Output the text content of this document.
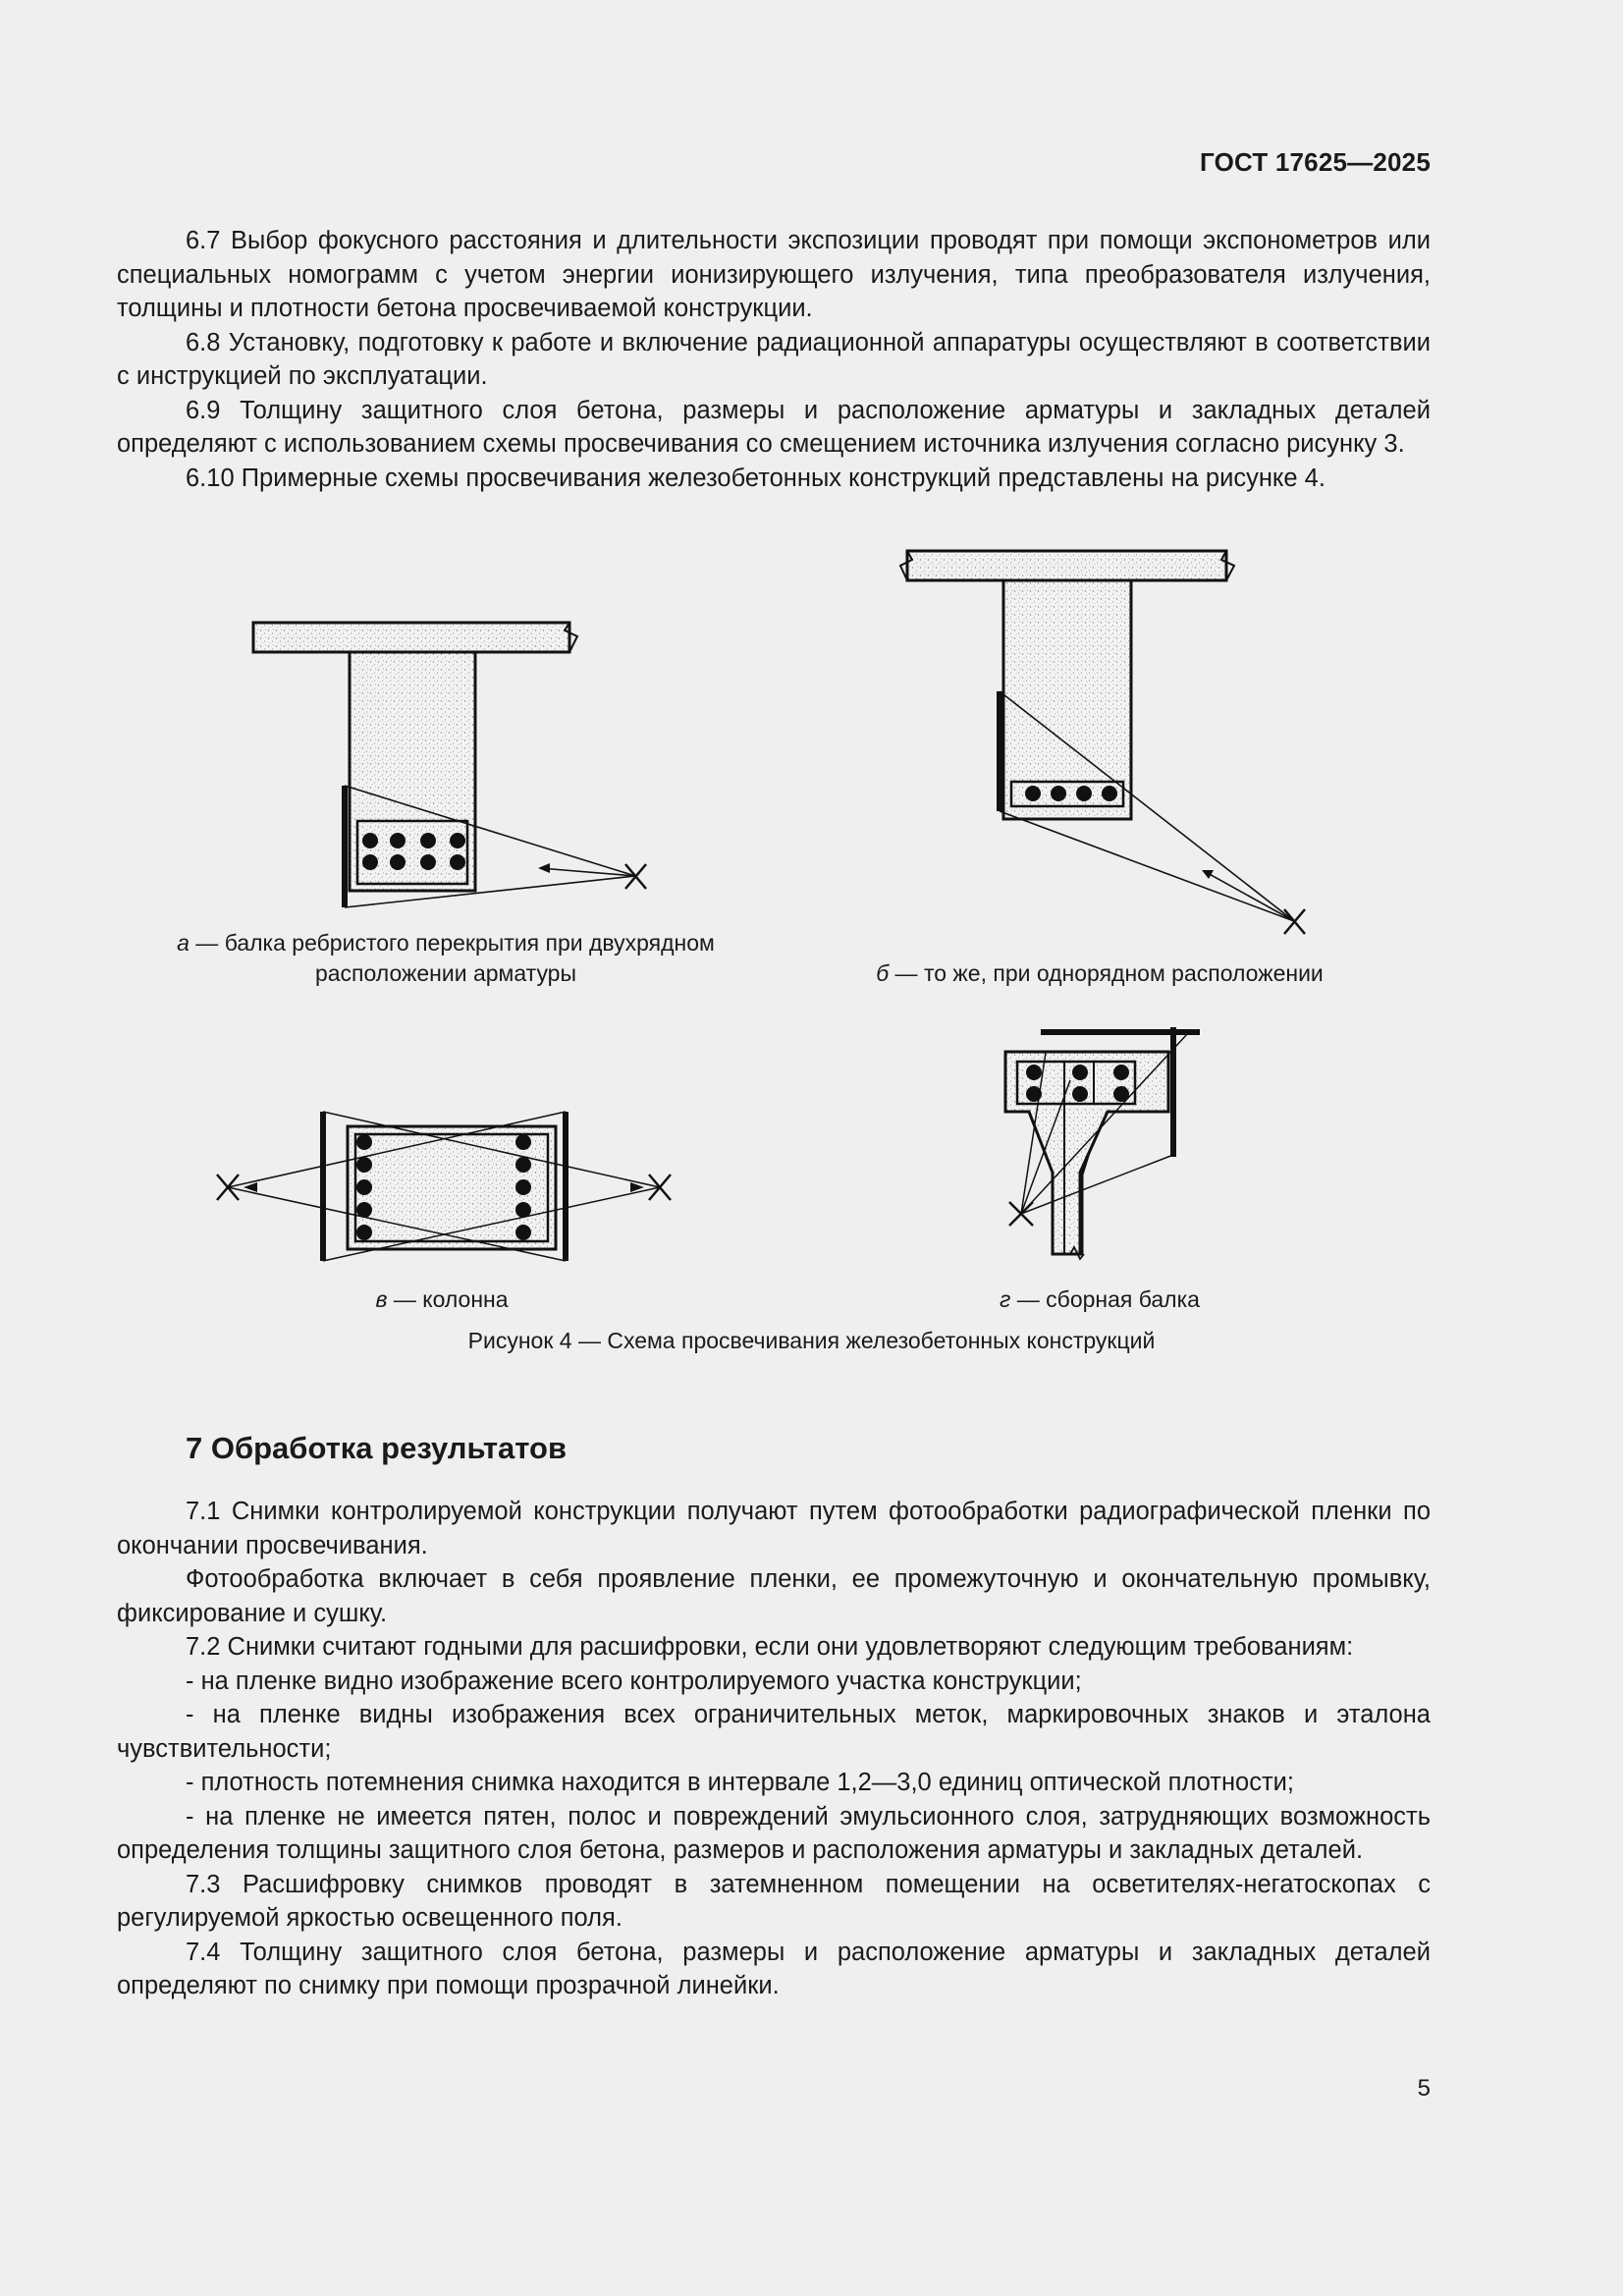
ГОСТ 17625—2025

6.7 Выбор фокусного расстояния и длительности экспозиции проводят при помощи экспонометров или специальных номограмм с учетом энергии ионизирующего излучения, типа преобразователя излучения, толщины и плотности бетона просвечиваемой конструкции.

6.8 Установку, подготовку к работе и включение радиационной аппаратуры осуществляют в соответствии с инструкцией по эксплуатации.

6.9 Толщину защитного слоя бетона, размеры и расположение арматуры и закладных деталей определяют с использованием схемы просвечивания со смещением источника излучения согласно рисунку 3.

6.10 Примерные схемы просвечивания железобетонных конструкций представлены на рисунке 4.

а — балка ребристого перекрытия при двухрядном
расположении арматуры	б — то же, при однорядном расположении
в — колонна	г — сборная балка
Рисунок 4 — Схема просвечивания железобетонных конструкций
7 Обработка результатов

7.1 Снимки контролируемой конструкции получают путем фотообработки радиографической пленки по окончании просвечивания.

Фотообработка включает в себя проявление пленки, ее промежуточную и окончательную промывку, фиксирование и сушку.

7.2 Снимки считают годными для расшифровки, если они удовлетворяют следующим требованиям:

- на пленке видно изображение всего контролируемого участка конструкции;

- на пленке видны изображения всех ограничительных меток, маркировочных знаков и эталона чувствительности;

- плотность потемнения снимка находится в интервале 1,2—3,0 единиц оптической плотности;

- на пленке не имеется пятен, полос и повреждений эмульсионного слоя, затрудняющих возможность определения толщины защитного слоя бетона, размеров и расположения арматуры и закладных деталей.

7.3 Расшифровку снимков проводят в затемненном помещении на осветителях-негатоскопах с регулируемой яркостью освещенного поля.

7.4 Толщину защитного слоя бетона, размеры и расположение арматуры и закладных деталей определяют по снимку при помощи прозрачной линейки.

5
